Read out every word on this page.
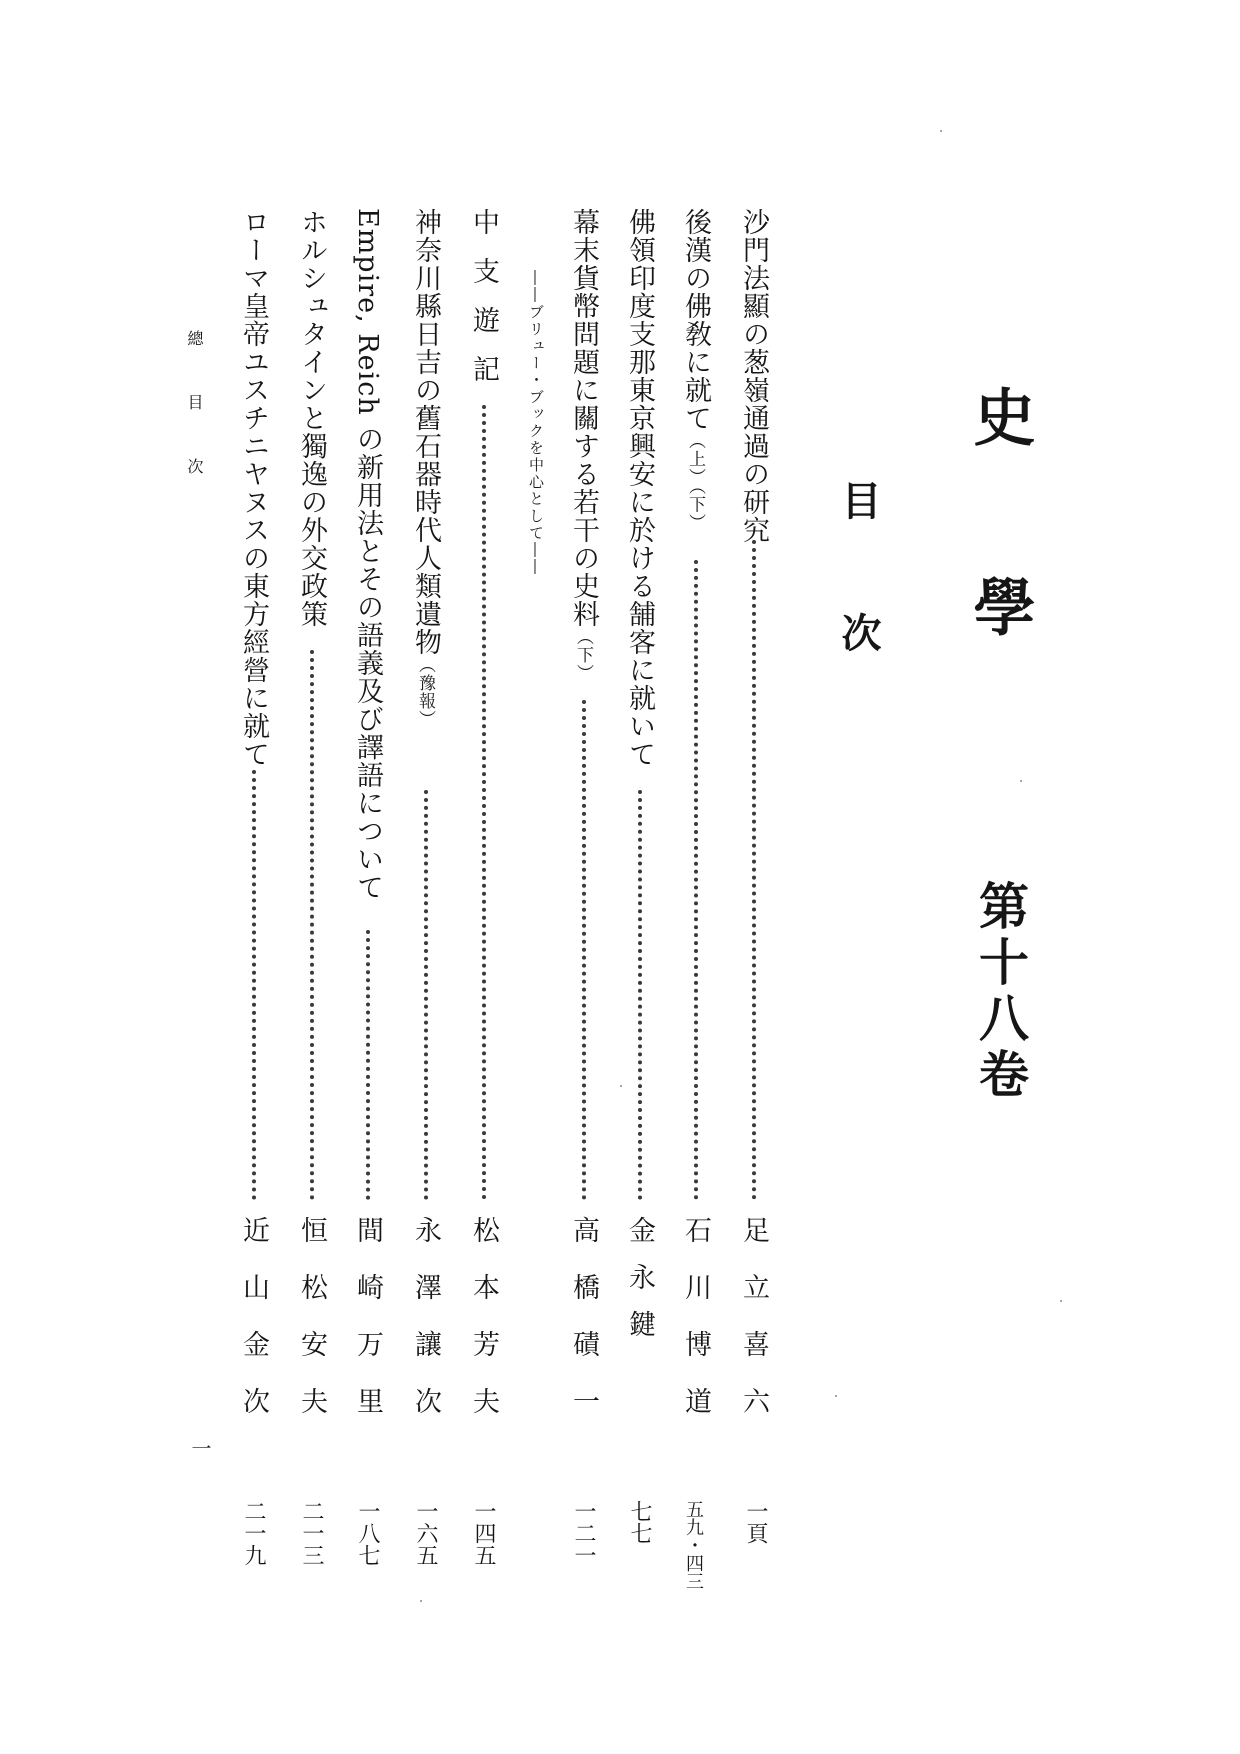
史學
第十八卷
目次
沙門法顯の葱嶺通過の研究
足立喜六
一頁
後漢の佛敎に就て（上）（下）
石川博道
五九・四三
佛領印度支那東京興安に於ける舗客に就いて
金永鍵
七七
幕末貨幣問題に關する若干の史料（下）
――ブリュー・ブックを中心として――
高橋磧一
一二一
中支遊記
松本芳夫
一四五
神奈川縣日吉の舊石器時代人類遺物（豫報）
永澤讓次
一六五
Empire, Reich の新用法とその語義及び譯語について
間崎万里
一八七
ホルシュタインと獨逸の外交政策
恒松安夫
二一三
ローマ皇帝ユスチニヤヌスの東方經營に就て
近山金次
二一九
總目次
一
